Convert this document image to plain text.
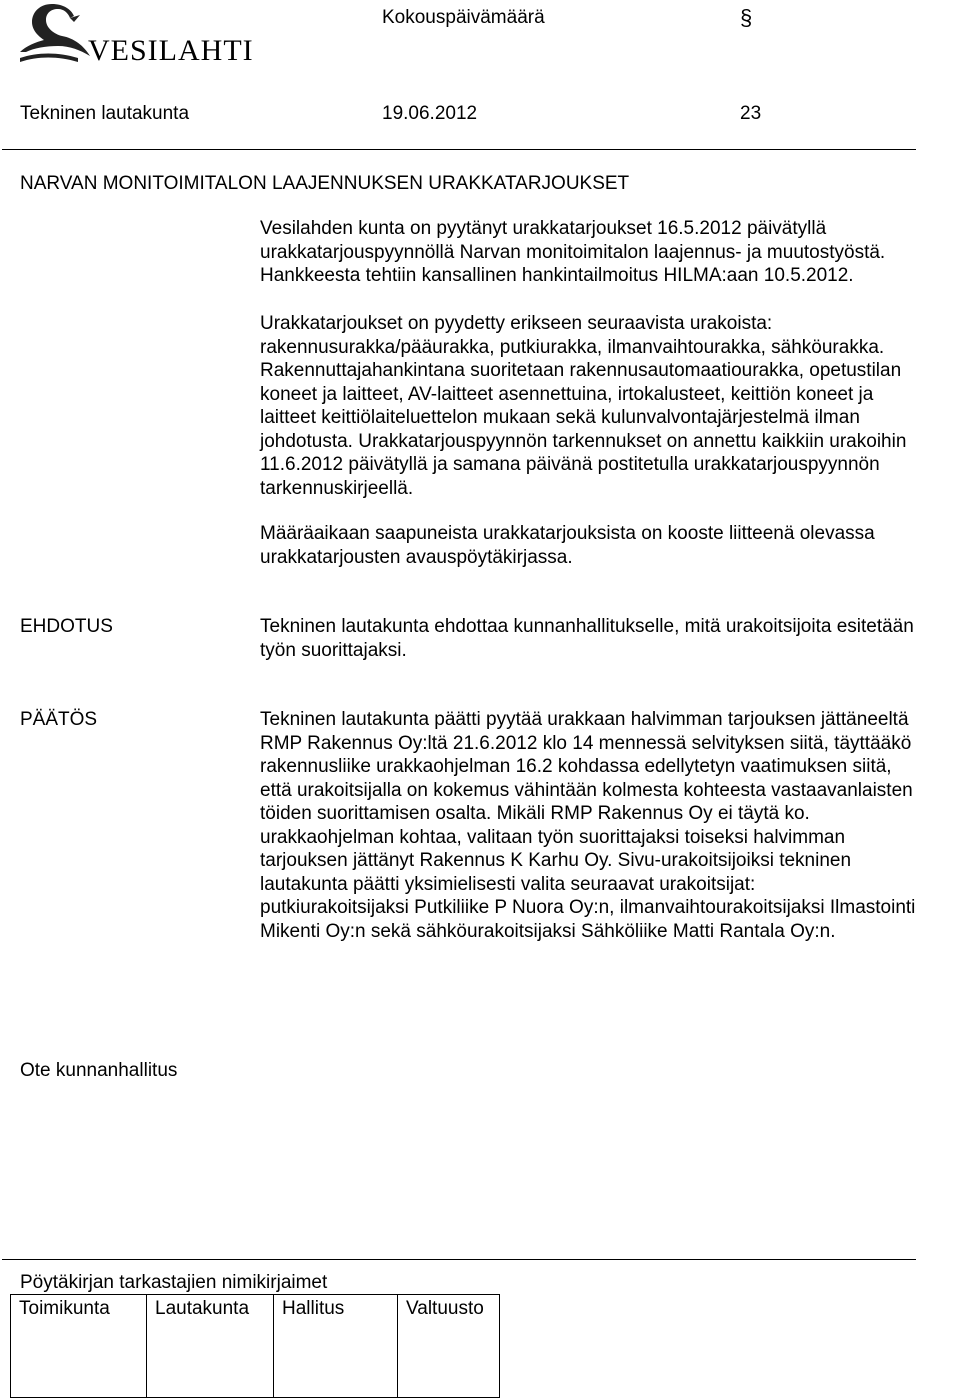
VESILAHTI
Kokouspäivämäärä	§
Tekninen lautakunta	19.06.2012	23
NARVAN MONITOIMITALON LAAJENNUKSEN URAKKATARJOUKSET
Vesilahden kunta on pyytänyt urakkatarjoukset 16.5.2012 päivätyllä
urakkatarjouspyynnöllä Narvan monitoimitalon laajennus- ja muutostyöstä.
Hankkeesta tehtiin kansallinen hankintailmoitus HILMA:aan 10.5.2012.
Urakkatarjoukset on pyydetty erikseen seuraavista urakoista:
rakennusurakka/pääurakka, putkiurakka, ilmanvaihtourakka, sähköurakka.
Rakennuttajahankintana suoritetaan rakennusautomaatiourakka, opetustilan
koneet ja laitteet, AV-laitteet asennettuina, irtokalusteet, keittiön koneet ja
laitteet keittiölaiteluettelon mukaan sekä kulunvalvontajärjestelmä ilman
johdotusta. Urakkatarjouspyynnön tarkennukset on annettu kaikkiin urakoihin
11.6.2012 päivätyllä ja samana päivänä postitetulla urakkatarjouspyynnön
tarkennuskirjeellä.
Määräaikaan saapuneista urakkatarjouksista on kooste liitteenä olevassa
urakkatarjousten avauspöytäkirjassa.
EHDOTUS	Tekninen lautakunta ehdottaa kunnanhallitukselle, mitä urakoitsijoita esitetään
työn suorittajaksi.
PÄÄTÖS	Tekninen lautakunta päätti pyytää urakkaan halvimman tarjouksen jättäneeltä
RMP Rakennus Oy:ltä 21.6.2012 klo 14 mennessä selvityksen siitä, täyttääkö
rakennusliike urakkaohjelman 16.2 kohdassa edellytetyn vaatimuksen siitä,
että urakoitsijalla on kokemus vähintään kolmesta kohteesta vastaavanlaisten
töiden suorittamisen osalta. Mikäli RMP Rakennus Oy ei täytä ko.
urakkaohjelman kohtaa, valitaan työn suorittajaksi toiseksi halvimman
tarjouksen jättänyt Rakennus K Karhu Oy. Sivu-urakoitsijoiksi tekninen
lautakunta päätti yksimielisesti valita seuraavat urakoitsijat:
putkiurakoitsijaksi Putkiliike P Nuora Oy:n, ilmanvaihtourakoitsijaksi Ilmastointi
Mikenti Oy:n sekä sähköurakoitsijaksi Sähköliike Matti Rantala Oy:n.
Ote kunnanhallitus
Pöytäkirjan tarkastajien nimikirjaimet
Toimikunta	Lautakunta	Hallitus	Valtuusto
